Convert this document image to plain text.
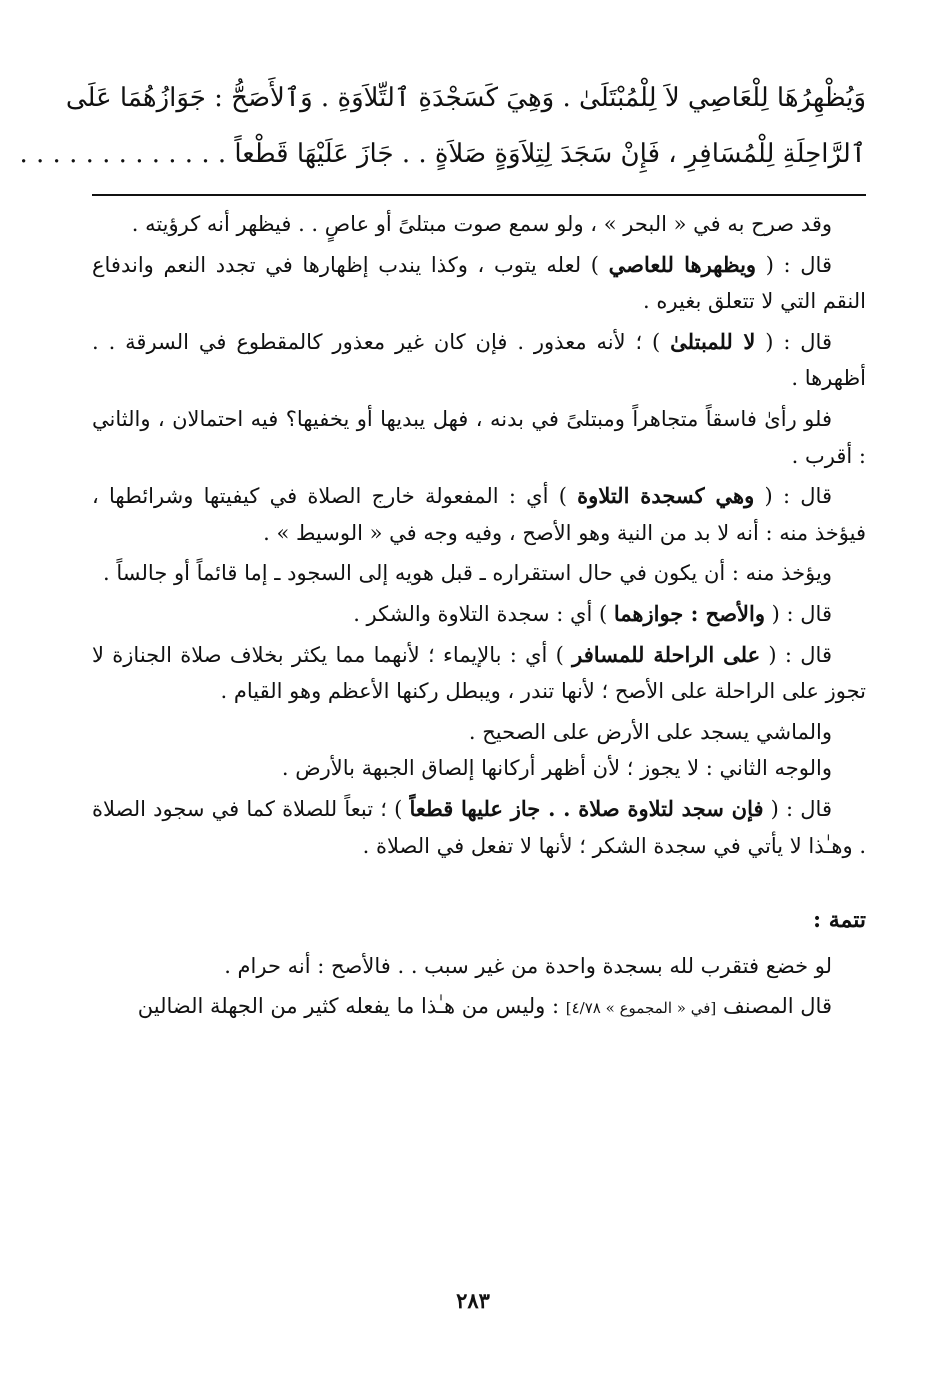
وَيُظْهِرُهَا لِلْعَاصِي لاَ لِلْمُبْتَلَىٰ . وَهِيَ كَسَجْدَةِ ٱلتِّلاَوَةِ . وَٱلأَصَحُّ : جَوَازُهُمَا عَلَى
ٱلرَّاحِلَةِ لِلْمُسَافِرِ ، فَإِنْ سَجَدَ لِتِلاَوَةٍ صَلاَةٍ . . جَازَ عَلَيْهَا قَطْعاً . . . . . . . . . . . . .

وقد صرح به في « البحر » ، ولو سمع صوت مبتلىً أو عاصٍ . . فيظهر أنه كرؤيته .

قال : ( ويظهرها للعاصي ) لعله يتوب ، وكذا يندب إظهارها في تجدد النعم واندفاع النقم التي لا تتعلق بغيره .

قال : ( لا للمبتلىٰ ) ؛ لأنه معذور . فإن كان غير معذور كالمقطوع في السرقة . . أظهرها .

فلو رأىٰ فاسقاً متجاهراً ومبتلىً في بدنه ، فهل يبديها أو يخفيها؟ فيه احتمالان ، والثاني : أقرب .

قال : ( وهي كسجدة التلاوة ) أي : المفعولة خارج الصلاة في كيفيتها وشرائطها ، فيؤخذ منه : أنه لا بد من النية وهو الأصح ، وفيه وجه في « الوسيط » .

ويؤخذ منه : أن يكون في حال استقراره ـ قبل هويه إلى السجود ـ إما قائماً أو جالساً .

قال : ( والأصح : جوازهما ) أي : سجدة التلاوة والشكر .

قال : ( على الراحلة للمسافر ) أي : بالإيماء ؛ لأنهما مما يكثر بخلاف صلاة الجنازة لا تجوز على الراحلة على الأصح ؛ لأنها تندر ، ويبطل ركنها الأعظم وهو القيام .

والماشي يسجد على الأرض على الصحيح .

والوجه الثاني : لا يجوز ؛ لأن أظهر أركانها إلصاق الجبهة بالأرض .

قال : ( فإن سجد لتلاوة صلاة . . جاز عليها قطعاً ) ؛ تبعاً للصلاة كما في سجود الصلاة . وهـٰذا لا يأتي في سجدة الشكر ؛ لأنها لا تفعل في الصلاة .

تتمة :

لو خضع فتقرب لله بسجدة واحدة من غير سبب . . فالأصح : أنه حرام .

قال المصنف [في « المجموع » ٤/٧٨] : وليس من هـٰذا ما يفعله كثير من الجهلة الضالين

٢٨٣
